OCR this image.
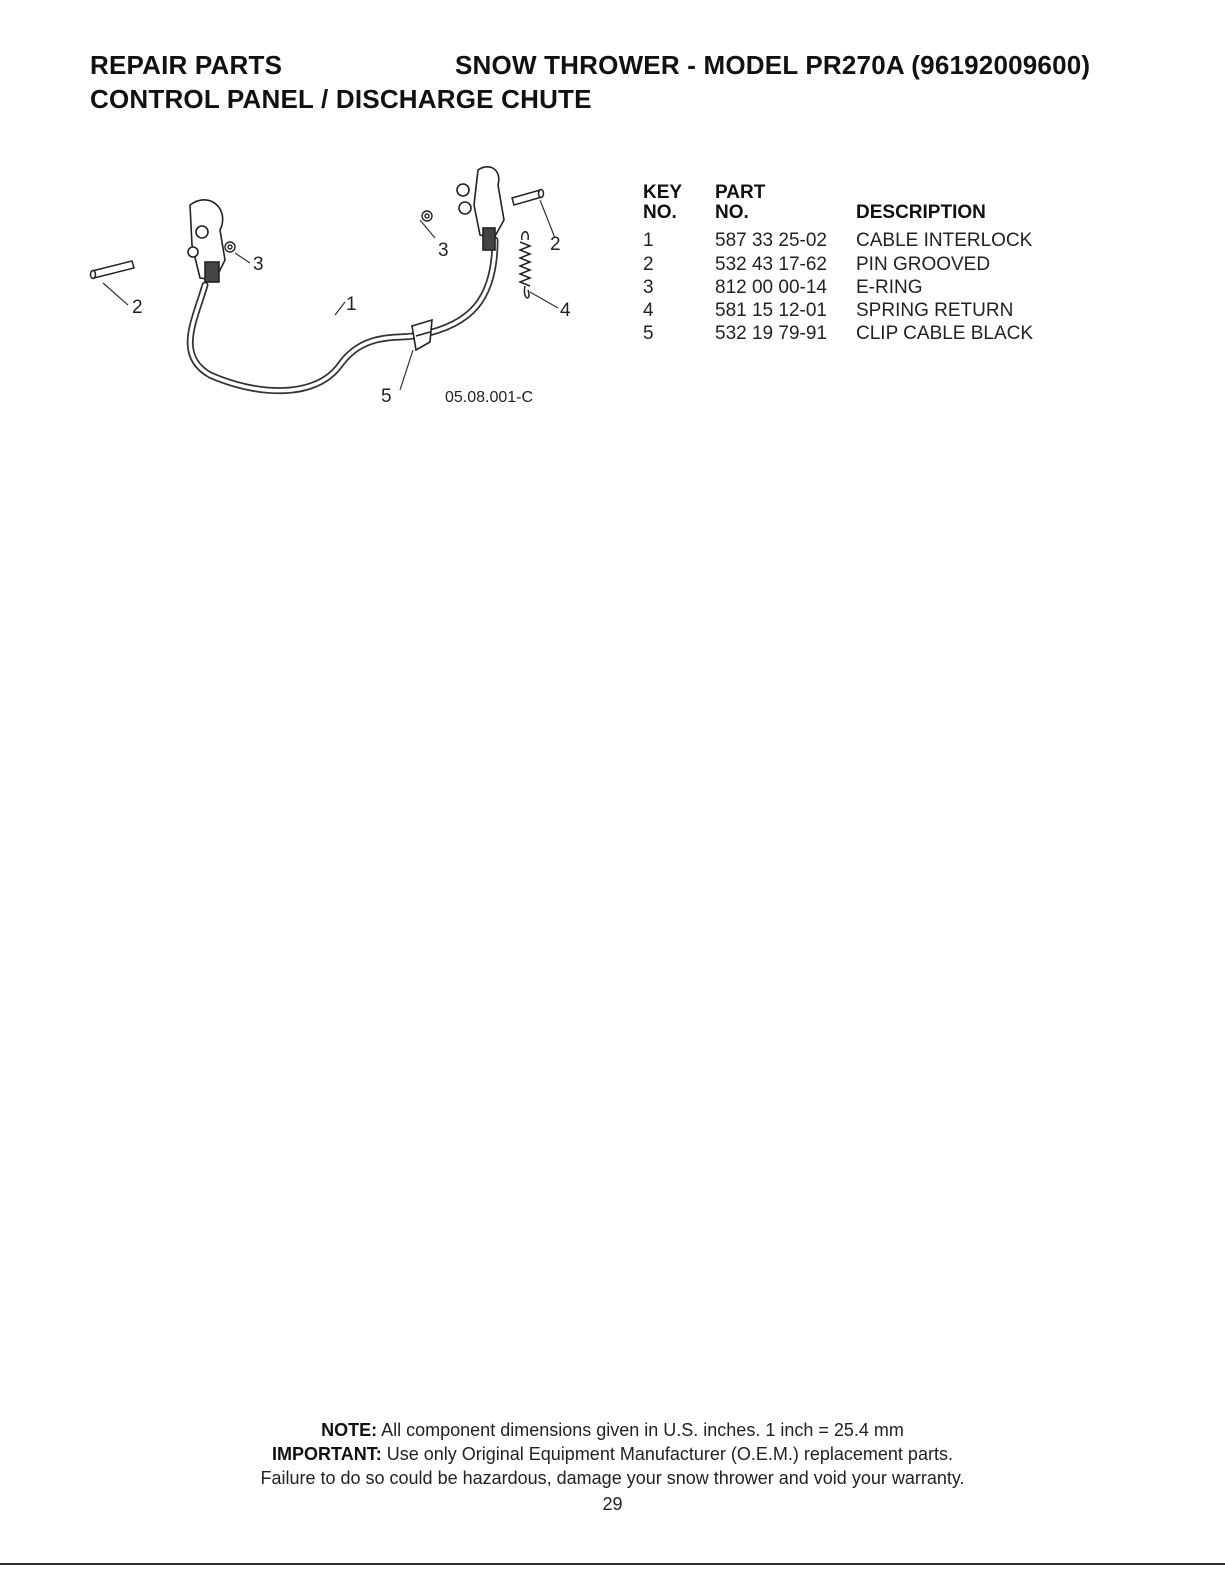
REPAIR PARTS	SNOW THROWER - MODEL PR270A (96192009600)
CONTROL PANEL / DISCHARGE CHUTE
2
3
1
3	2
4
5	05.08.001-C
KEY
NO.
PART
NO.	DESCRIPTION
1	587 33 25-02 CABLE INTERLOCK
2	532 43 17-62 PIN GROOVED
3	812 00 00-14 E-RING
4	581 15 12-01 SPRING RETURN
5	532 19 79-91 CLIP CABLE BLACK

NOTE: All component dimensions given in U.S. inches. 1 inch = 25.4 mm

IMPORTANT: Use only Original Equipment Manufacturer (O.E.M.) replacement parts.

Failure to do so could be hazardous, damage your snow thrower and void your warranty.

29
